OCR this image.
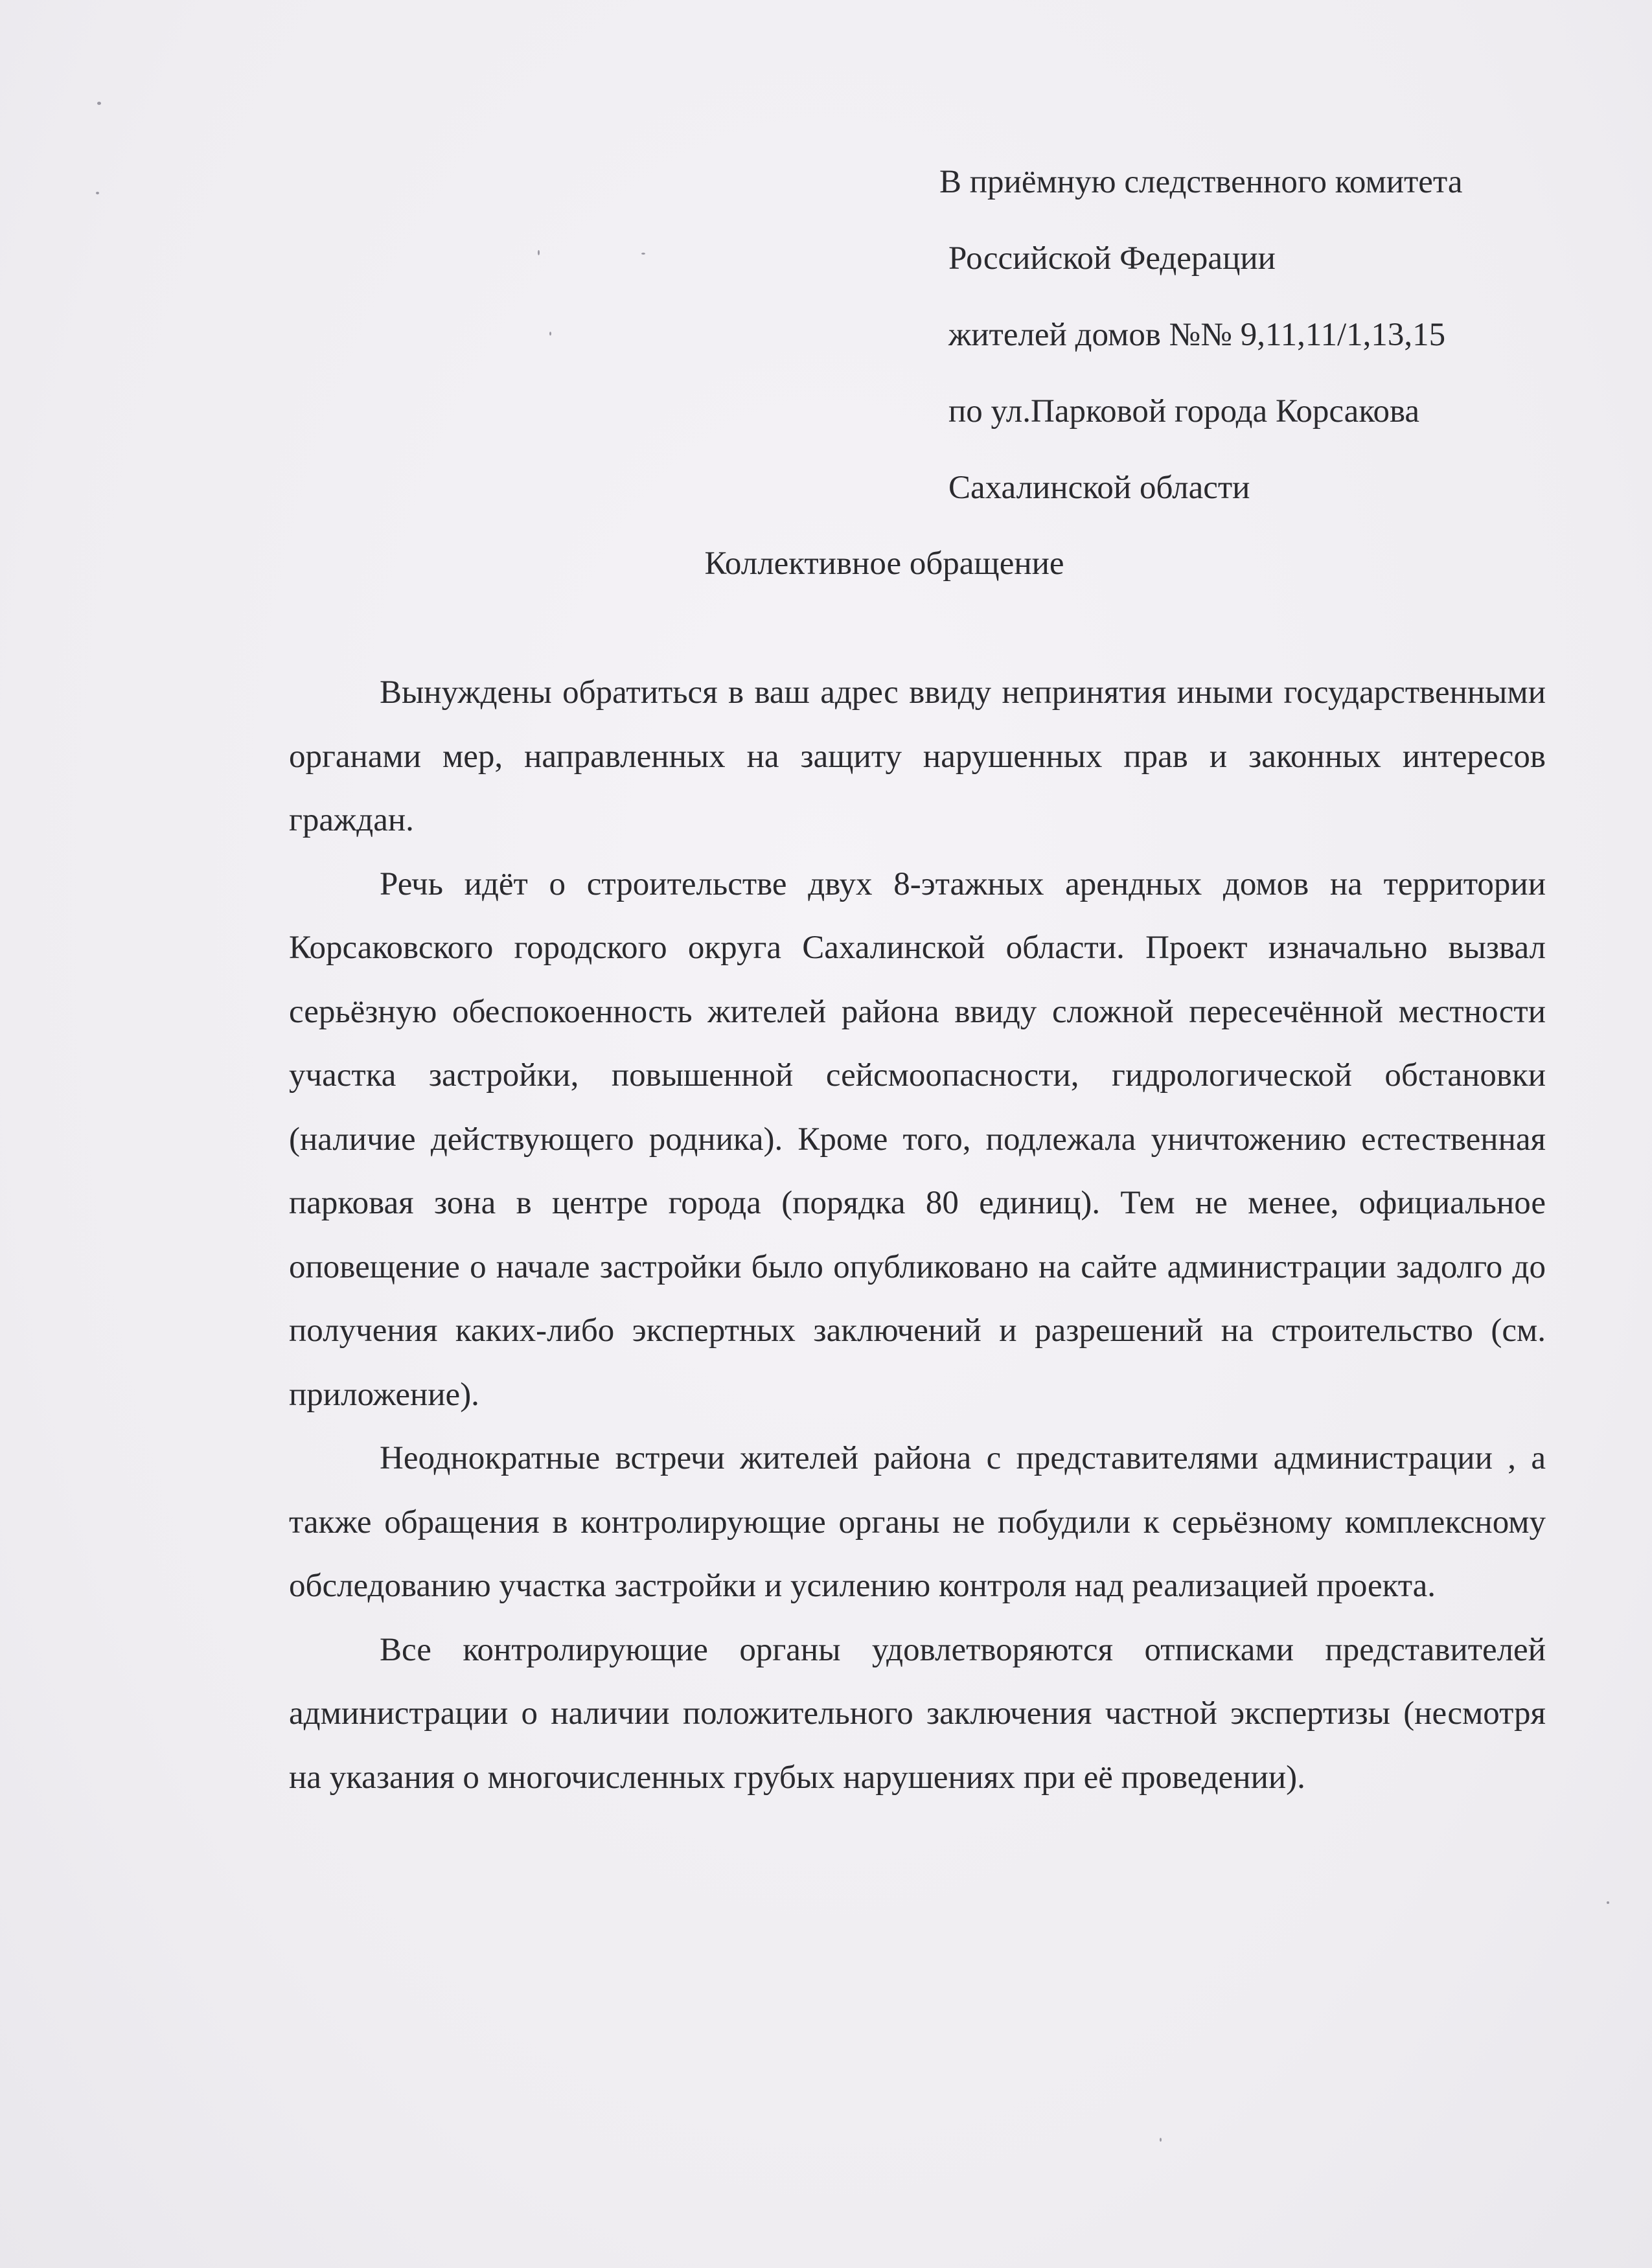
В приёмную следственного комитета
Российской Федерации
жителей домов №№ 9,11,11/1,13,15
по ул.Парковой города Корсакова
Сахалинской области
Коллективное обращение

Вынуждены обратиться в ваш адрес ввиду непринятия иными государственными органами мер, направленных на защиту нарушенных прав и законных интересов граждан.

Речь идёт о строительстве двух 8-этажных арендных домов на территории Корсаковского городского округа Сахалинской области. Проект изначально вызвал серьёзную обеспокоенность жителей района ввиду сложной пересечённой местности участка застройки, повышенной сейсмоопасности, гидрологической обстановки (наличие действующего родника). Кроме того, подлежала уничтожению естественная парковая зона в центре города (порядка 80 единиц). Тем не менее, официальное оповещение о начале застройки было опубликовано на сайте администрации задолго до получения каких-либо экспертных заключений и разрешений на строительство (см. приложение).

Неоднократные встречи жителей района с представителями администрации , а также обращения в контролирующие органы не побудили к серьёзному комплексному обследованию участка застройки и усилению контроля над реализацией проекта.

Все контролирующие органы удовлетворяются отписками представителей администрации о наличии положительного заключения частной экспертизы (несмотря на указания о многочисленных грубых нарушениях при её проведении).
